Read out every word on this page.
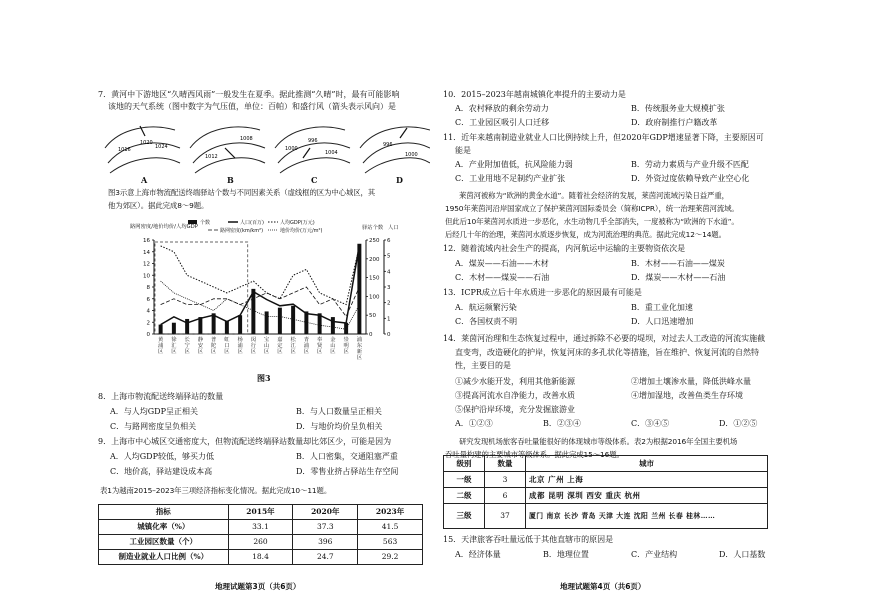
7．黄河中下游地区“久晴西风雨”一般发生在夏季。据此推测“久晴”时，最有可能影响
该地的天气系统（图中数字为气压值，单位：百帕）和盛行风（箭头表示风向）是
1016
1020
1024
1012
1008
1000
996
1004
996
1000
A	B	C	D
图3示意上海市物流配送终端驿站个数与不同因素关系（虚线框的区为中心城区，其
他为郊区）。据此完成8～9题。
0
2
4
6
8
10
12
14
16
0
50
100
150
200
250
0
1
2
3
4
5
6
路网密度/地价均价/人均GDP	驿站个数 人口
个数	人口(百万)	人均GDP(万元)
路网密度(km/km²)	地价均价(万元/m²)
黄
浦
区
徐
汇
区
长
宁
区
静
安
区
普
陀
区
虹
口
区
杨
浦
区
闵
行
区
宝
山
区
嘉
定
区
松
江
区
青
浦
区
奉
贤
区
金
山
区
崇
明
区
浦
东
新
区
图3
8．上海市物流配送终端驿站的数量
A．与人均GDP呈正相关	B．与人口数量呈正相关
C．与路网密度呈负相关	D．与地价均价呈负相关
9．上海市中心城区交通密度大，但物流配送终端驿站数量却比郊区少，可能是因为
A．人均GDP较低，够买力低	B．人口密集，交通阻塞严重
C．地价高，驿站建设成本高	D．零售业挤占驿站生存空间
表1为越南2015–2023年三项经济指标变化情况。据此完成10～11题。
指标	2015年	2020年	2023年
城镇化率（%）	33.1	37.3	41.5
工业园区数量（个）	260	396	563
制造业就业人口比例（%）	18.4	24.7	29.2
地理试题第3页（共6页）
10．2015–2023年越南城镇化率提升的主要动力是
A．农村释放的剩余劳动力	B．传统服务业大规模扩张
C．工业园区吸引人口迁移	D．政府制推行户籍改革
11．近年来越南制造业就业人口比例持续上升，但2020年GDP增速显著下降，主要原因可
能是
A．产业附加值低，抗风险能力弱	B．劳动力素质与产业升级不匹配
C．工业用地不足制约产业扩张	D．外资过度依赖导致产业空心化
莱茵河被称为“欧洲的黄金水道”。随着社会经济的发展，莱茵河流域污染日益严重，
1950年莱茵河沿岸国家成立了保护莱茵河国际委员会（简称ICPR），统一治理莱茵河流域。
但此后10年莱茵河水质进一步恶化，水生动物几乎全部消失，一度被称为“欧洲的下水道”。
后经几十年的治理，莱茵河水质逐步恢复，成为河流治理的典范。据此完成12～14题。
12．随着流域内社会生产的提高，内河航运中运输的主要物资依次是
A．煤炭——石油——木材	B．木材——石油——煤炭
C．木材——煤炭——石油	D．煤炭——木材——石油
13．ICPR成立后十年水质进一步恶化的原因最有可能是
A．航运频繁污染	B．重工业化加速
C．各国权责不明	D．人口迅速增加
14．莱茵河治理和生态恢复过程中，通过拆除不必要的堤坝，对过去人工改造的河流实施截
直变弯，改造硬化的护岸，恢复河床的多孔状化等措施，旨在维护、恢复河流的自然特
性，主要目的是
①减少水能开发，利用其他新能源	②增加土壤渗水量，降低洪峰水量
③提高河流水自净能力，改善水质	④增加湿地，改善鱼类生存环境
⑤保护沿岸环境，充分发掘旅游业
A．①②③	B．②③④	C．③④⑤	D．①②⑤
研究发现机场旅客吞吐量能很好的体现城市等级体系。表2为根据2016年全国主要机场
吞吐量构建的主要城市等级体系。据此完成15～16题。
级别	数量	城市
一级	3	北京 广州 上海
二级	6	成都 昆明 深圳 西安 重庆 杭州
三级	37	厦门 南京 长沙 青岛 天津 大连 沈阳 兰州 长春 桂林……
15．天津旅客吞吐量远低于其他直辖市的原因是
A．经济体量	B．地理位置	C．产业结构	D．人口基数
地理试题第4页（共6页）
